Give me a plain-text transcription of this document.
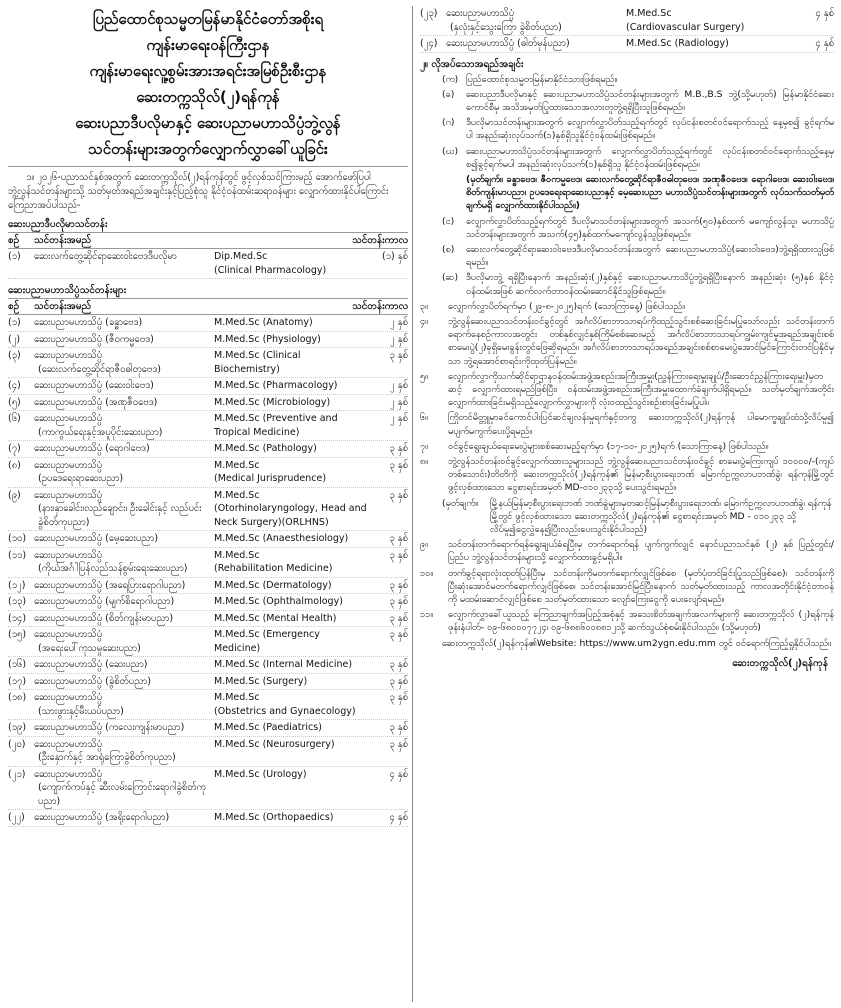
ပြည်ထောင်စုသမ္မတမြန်မာနိုင်ငံတော်အစိုးရ
ကျန်းမာရေးဝန်ကြီးဌာန
ကျန်းမာရေးလူ့စွမ်းအားအရင်းအမြစ်ဦးစီးဌာန
ဆေးတက္ကသိုလ်(၂)ရန်ကုန်
ဆေးပညာဒီပလိုမာနှင့် ဆေးပညာမဟာသိပ္ပံဘွဲ့လွန်
သင်တန်းများအတွက်လျှောက်လွှာခေါ်ယူခြင်း
၁။ ၂၀၂၆-ပညာသင်နှစ်အတွက် ဆေးတက္ကသိုလ်(၂)ရန်ကုန်တွင် ဖွင့်လှစ်သင်ကြားမည့် အောက်ဖော်ပြပါ ဘွဲ့လွန်သင်တန်းများသို့ သတ်မှတ်အရည်အချင်းနှင့်ပြည့်စုံသူ နိုင်ငံ့ဝန်ထမ်းဆရာဝန်များ လျှောက်ထားနိုင်ပါကြောင်း ကြေညာအပ်ပါသည်-
ဆေးပညာဒီပလိုမာသင်တန်း
စဉ်	သင်တန်းအမည်	သင်တန်းကာလ
(၁)	ဆေးလက်တွေ့ဆိုင်ရာဆေးဝါးဗေဒဒီပလိုမာ	Dip.Med.Sc
(Clinical Pharmacology)
(၁) နှစ်
ဆေးပညာမဟာသိပ္ပံသင်တန်းများ
စဉ်	သင်တန်းအမည်	သင်တန်းကာလ
(၁)	ဆေးပညာမဟာသိပ္ပံ (ခန္ဓာဗေဒ)	M.Med.Sc (Anatomy)	၂ နှစ်
(၂)	ဆေးပညာမဟာသိပ္ပံ (ဇီဝကမ္မဗေဒ)	M.Med.Sc (Physiology)	၂ နှစ်
(၃)	ဆေးပညာမဟာသိပ္ပံ
(ဆေးလက်တွေ့ဆိုင်ရာဇီဝဓါတုဗေဒ)
M.Med.Sc (Clinical Biochemistry)
၃ နှစ်
(၄)	ဆေးပညာမဟာသိပ္ပံ (ဆေးဝါးဗေဒ)	M.Med.Sc (Pharmacology)	၂ နှစ်
(၅)	ဆေးပညာမဟာသိပ္ပံ (အဏုဇီဝဗေဒ)	M.Med.Sc (Microbiology)	၂ နှစ်
(၆)	ဆေးပညာမဟာသိပ္ပံ
(ကာကွယ်ရေးနှင့်အပူပိုင်းဆေးပညာ)
M.Med.Sc (Preventive and
Tropical Medicine)
၂ နှစ်
(၇)	ဆေးပညာမဟာသိပ္ပံ (ရောဂါဗေဒ)	M.Med.Sc (Pathology)	၃ နှစ်
(၈)	ဆေးပညာမဟာသိပ္ပံ
(ဥပဒေရေးရာဆေးပညာ)
M.Med.Sc
(Medical Jurisprudence)
၃ နှစ်
(၉)	ဆေးပညာမဟာသိပ္ပံ
(နား၊နှာခေါင်း၊လည်ချောင်း၊ ဦးခေါင်းနှင့် လည်ပင်းခွဲစိတ်ကုပညာ)
M.Med.Sc
(Otorhinolaryngology, Head and Neck Surgery)(ORLHNS)
၃ နှစ်
(၁၀) ဆေးပညာမဟာသိပ္ပံ (မေ့ဆေးပညာ)	M.Med.Sc (Anaesthesiology)	၃ နှစ်
(၁၁) ဆေးပညာမဟာသိပ္ပံ
(ကိုယ်အင်္ဂါပြန်လည်သန်စွမ်းရေးဆေးပညာ)
M.Med.Sc
(Rehabilitation Medicine)
၃ နှစ်
(၁၂) ဆေးပညာမဟာသိပ္ပံ (အရေပြားရောဂါပညာ)	M.Med.Sc (Dermatology)	၃ နှစ်
(၁၃) ဆေးပညာမဟာသိပ္ပံ (မျက်စိရောဂါပညာ)	M.Med.Sc (Ophthalmology)	၃ နှစ်
(၁၄) ဆေးပညာမဟာသိပ္ပံ (စိတ်ကျန်းမာပညာ)	M.Med.Sc (Mental Health)	၃ နှစ်
(၁၅) ဆေးပညာမဟာသိပ္ပံ
(အရေးပေါ်ကုသမှုဆေးပညာ)
M.Med.Sc (Emergency Medicine)
၃ နှစ်
(၁၆) ဆေးပညာမဟာသိပ္ပံ (ဆေးပညာ)	M.Med.Sc (Internal Medicine)	၃ နှစ်
(၁၇) ဆေးပညာမဟာသိပ္ပံ (ခွဲစိတ်ပညာ)	M.Med.Sc (Surgery)	၃ နှစ်
(၁၈) ဆေးပညာမဟာသိပ္ပံ
(သားဖွားနှင့်မီးယပ်ပညာ)
M.Med.Sc
(Obstetrics and Gynaecology)
၃ နှစ်
(၁၉) ဆေးပညာမဟာသိပ္ပံ (ကလေးကျန်းမာပညာ)	M.Med.Sc (Paediatrics)	၃ နှစ်
(၂၀) ဆေးပညာမဟာသိပ္ပံ
(ဦးနှောက်နှင့် အာရုံကြောခွဲစိတ်ကုပညာ)
M.Med.Sc (Neurosurgery)	၃ နှစ်
(၂၁) ဆေးပညာမဟာသိပ္ပံ
(ကျောက်ကပ်နှင့် ဆီးလမ်းကြောင်းရောဂါခွဲစိတ်ကုပညာ)
M.Med.Sc (Urology)	၄ နှစ်
(၂၂) ဆေးပညာမဟာသိပ္ပံ (အရိုးရောဂါပညာ)	M.Med.Sc (Orthopaedics)	၄ နှစ်
(၂၃) ဆေးပညာမဟာသိပ္ပံ
(နှလုံးနှင့်သွေးကြော ခွဲစိတ်ပညာ)
M.Med.Sc
(Cardiovascular Surgery)
၄ နှစ်
(၂၄) ဆေးပညာမဟာသိပ္ပံ (ဓါတ်မှန်ပညာ)	M.Med.Sc (Radiology)	၄ နှစ်
၂။ လိုအပ်သောအရည်အချင်း
(က) ပြည်ထောင်စုသမ္မတမြန်မာနိုင်ငံသားဖြစ်ရမည်။
(ခ)	ဆေးပညာဒီပလိုမာနှင့် ဆေးပညာမဟာသိပ္ပံသင်တန်းများအတွက် M.B.,B.S ဘွဲ့(သို့မဟုတ်) မြန်မာနိုင်ငံဆေးကောင်စီမှ အသိအမှတ်ပြုထားသောအလားတူဘွဲ့ရရှိပြီးသူဖြစ်ရမည်။
(ဂ)	ဒီပလိုမာသင်တန်းများအတွက် လျှောက်လွှာပိတ်သည့်ရက်တွင် လုပ်ငန်းစတင်ဝင်ရောက်သည့် နေ့မှစ၍ ခွင့်ရက်မပါ အနည်းဆုံးလုပ်သက်(၁)နှစ်ရှိသူနိုင်ငံ့ဝန်ထမ်းဖြစ်ရမည်။
(ဃ) ဆေးပညာမဟာသိပ္ပံသင်တန်းများအတွက် လျှောက်လွှာပိတ်သည့်ရက်တွင် လုပ်ငန်းစတင်ဝင်ရောက်သည့်နေ့မှစ၍ခွင့်ရက်မပါ အနည်းဆုံးလုပ်သက်(၁)နှစ်ရှိသူ နိုင်ငံ့ဝန်ထမ်းဖြစ်ရမည်။
(မှတ်ချက်။ ခန္ဓာဗေဒ၊ ဇီဝကမ္မဗေဒ၊ ဆေးလက်တွေ့ဆိုင်ရာဇီဝဓါတုဗေဒ၊ အဏုဇီဝဗေဒ၊ ရောဂါဗေဒ၊ ဆေးဝါးဗေဒ၊ စိတ်ကျန်းမာပညာ၊ ဥပဒေရေးရာဆေးပညာနှင့် မေ့ဆေးပညာ မဟာသိပ္ပံသင်တန်းများအတွက် လုပ်သက်သတ်မှတ်ချက်မရှိ လျှောက်ထားနိုင်ပါသည်။)
(င)	လျှောက်လွှာပိတ်သည့်ရက်တွင် ဒီပလိုမာသင်တန်းများအတွက် အသက်(၅၀)နှစ်ထက် မကျော်လွန်သူ၊ မဟာသိပ္ပံသင်တန်းများအတွက် အသက်(၄၅)နှစ်ထက်မကျော်လွန်သူဖြစ်ရမည်။
(စ)	ဆေးလက်တွေ့ဆိုင်ရာဆေးဝါးဗေဒဒီပလိုမာသင်တန်းအတွက် ဆေးပညာမဟာသိပ္ပံ(ဆေးဝါးဗေဒ)ဘွဲ့ရရှိထားသူဖြစ်ရမည်။
(ဆ) ဒီပလိုမာဘွဲ့ ရရှိပြီးနောက် အနည်းဆုံး(၂)နှစ်နှင့် ဆေးပညာမဟာသိပ္ပံဘွဲ့ရရှိပြီးနောက် အနည်းဆုံး (၅)နှစ် နိုင်ငံ့ဝန်ထမ်းအဖြစ် ဆက်လက်တာဝန်ထမ်းဆောင်နိုင်သူဖြစ်ရမည်။
၃။	လျှောက်လွှာပိတ်ရက်မှာ (၂၉-၈-၂၀၂၅)ရက် (သောကြာနေ့) ဖြစ်ပါသည်။
၄။	ဘွဲ့လွန်ဆေးပညာသင်တန်းဝင်ခွင့်တွင် အင်္ဂလိပ်စာဘာသာရပ်ကိုထည့်သွင်းစစ်ဆေးခြင်းမပြုသော်လည်း သင်တန်းတက်ရောက်နေစဉ်ကာလအတွင်း တစ်နှစ်လျှင်နှစ်ကြိမ်စစ်ဆေးမည့် အင်္ဂလိပ်စာဘာသာရပ်ကျွမ်းကျင်မှုအရည်အချင်းစစ်စာမေးပွဲ(၂)ခုရှိမေးခွန်းတွင်ဖြေဆိုရမည်။ အင်္ဂလိပ်စာဘာသာရပ်အရည်အချင်းစစ်စာမေးပွဲအောင်မြင်ကြောင်းတင်ပြနိုင်မှသာ ဘွဲ့ရအောင်စာရင်းကိုထုတ်ပြန်မည်။
၅။	လျှောက်လွှာကိုသက်ဆိုင်ရာဌာနဝန်ထမ်းအဖွဲ့အစည်းအကြီးအမှူး(ညွှန်ကြားရေးမှူးချုပ်/ဦးဆောင်ညွှန်ကြားရေးမှူး)မှတဆင့် လျှောက်ထားရမည်ဖြစ်ပြီး၊ ဝန်ထမ်းအဖွဲ့အစည်းအကြီးအမှူးထောက်ခံချက်ပါရှိရမည်။ သတ်မှတ်ချက်အတိုင်း လျှောက်ထားခြင်းမရှိသည့်လျှောက်လွှာများကို လုံးဝထည့်သွင်းစဉ်းစားခြင်းမပြုပါ။
၆။	ကြိုတင်မိတ္တူမှာခင်ကောင်ပါးပြင်ဆင်ချလန်းမှုရက်နှင့်တကွ ဆေးတက္ကသိုလ်(၂)ရန်ကုန် ပါမောက္ခချုပ်ထံသို့လိပ်မူ၍ မပျက်မကွက်ပေးပို့ရမည်။
၇။	ဝင်ခွင့်ရွေးချယ်ရေးမေးပွဲများစစ်ဆေးမည့်ရက်မှာ (၁၇-၁၀-၂၀၂၅)ရက် (သောကြာနေ့) ဖြစ်ပါသည်။
၈။	ဘွဲ့လွန်သင်တန်းဝင်ခွင့်လျှောက်ထားသူများသည် ဘွဲ့လွန်ဆေးပညာသင်တန်းဝင်ခွင့် စာမေးပွဲကြေးကျပ် ၁၀၀၀၀/-(ကျပ်တစ်သောင်း)တိတိကို ဆေးတက္ကသိုလ်(၂)ရန်ကုန်၏ မြန်မာ့စီးပွားရေးဘဏ် မြောက်ဥက္ကလာပဘဏ်ခွဲ၊ ရန်ကုန်မြို့တွင် ဖွင့်လှစ်ထားသော ငွေစာရင်းအမှတ် MD-၀၁၀၂၃၃သို့ ပေးသွင်းရမည်။
(မှတ်ချက်။	မြို့နယ်မြန်မာ့စီးပွားရေးဘဏ် ဘဏ်ခွဲများမှတဆင့်မြန်မာ့စီးပွားရေးဘဏ်၊ မြောက်ဥက္ကလာပဘဏ်ခွဲ၊ ရန်ကုန်မြို့တွင် ဖွင့်လှစ်ထားသော ဆေးတက္ကသိုလ်(၂)ရန်ကုန်၏ ငွေစာရင်းအမှတ် MD - ၀၁၀၂၃၃ သို့ လိပ်မူ၍ငွေလွှဲနေ၍ပြီးလည်းပေးသွင်းနိုင်ပါသည်)
၉။	သင်တန်းတက်ရောက်ရန်ရွေးချယ်ခံရပြီးမှ တက်ရောက်ရန် ပျက်ကွက်လျှင် နောင်ပညာသင်နှစ် (၂) နှစ် ပြည့်တွင်း/ပြည်ပ ဘွဲ့လွန်သင်တန်းများသို့ လျှောက်ထားခွင့်မရှိပါ။
၁၀။	တက်ခွင့်ရရာလုံးထုတ်ပြန်ပြီးမှ သင်တန်းကိုမတက်ရောက်လျှင်ဖြစ်စေ (မှတ်ပုံတင်ခြင်းပြုသည်ဖြစ်စေ)၊ သင်တန်းကိုပြီးဆုံးအောင်မတက်ရောက်လျှင်ဖြစ်စေ၊ သင်တန်းအောင်မြင်ပြီးနောက် သတ်မှတ်ထားသည့် ကာလအတိုင်းနိုင်ငံ့တာဝန်ကို မထမ်းဆောင်လျှင်ဖြစ်စေ သတ်မှတ်ထားသော လျော်ကြေးငွေကို ပေးလျော်ရမည်။
၁၁။	လျှောက်လွှာခေါ်ယူသည့် ကြေညာချက်အပြည့်အစုံနှင့် အသေးစိတ်အချက်အလက်များကို ဆေးတက္ကသိုလ် (၂)ရန်ကုန် ဖုန်းနံပါတ်- ၀၉-၆၈၀၀၀၇၇၂၄၊ ၀၉-၆၈၈၆၀၀၈၈၁၂သို့ ဆက်သွယ်စုံစမ်းနိုင်ပါသည်။ (သို့မဟုတ်)
ဆေးတက္ကသိုလ်(၂)ရန်ကုန်၏Website: https://www.um2ygn.edu.mm တွင် ဝင်ရောက်ကြည့်ရှုနိုင်ပါသည်။
ဆေးတက္ကသိုလ်(၂)ရန်ကုန်
